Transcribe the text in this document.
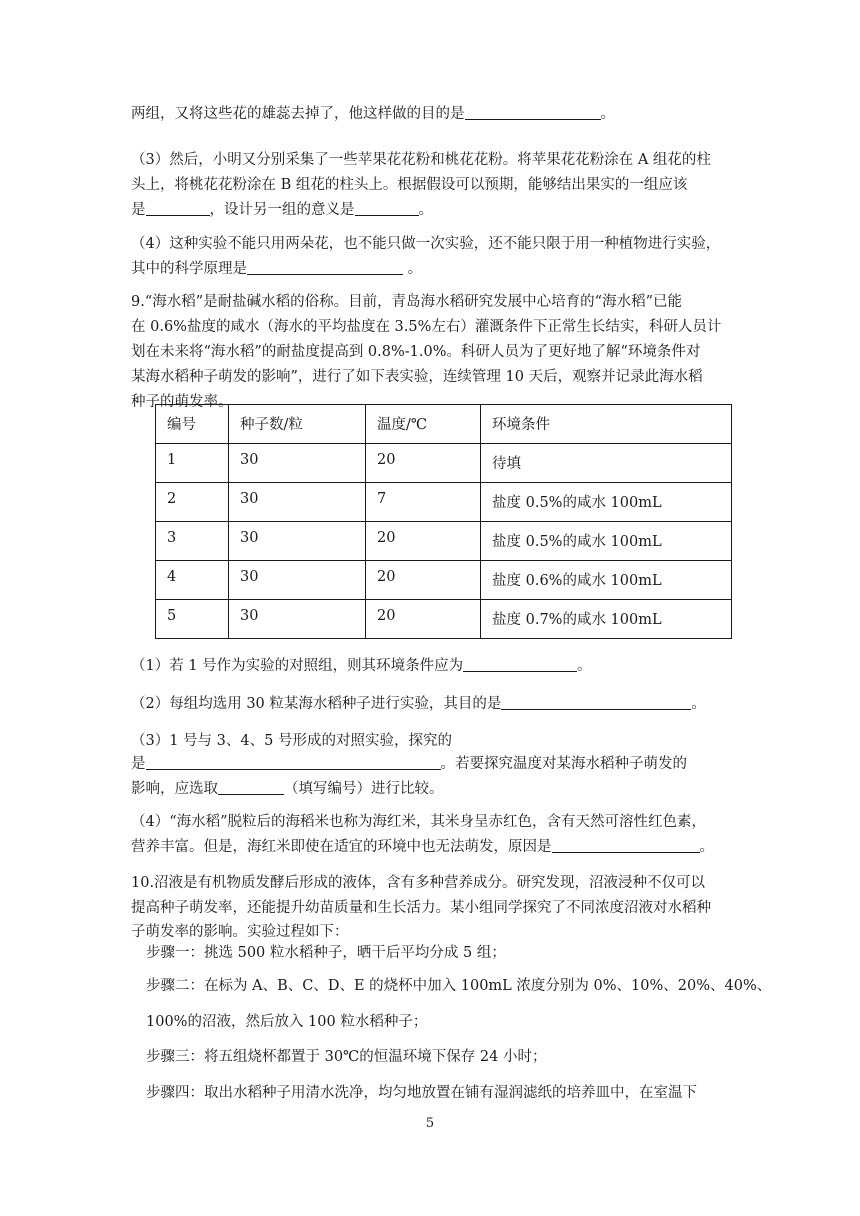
两组，又将这些花的雄蕊去掉了，他这样做的目的是	。
（3）然后，小明又分别采集了一些苹果花花粉和桃花花粉。将苹果花花粉涂在 A 组花的柱
头上，将桃花花粉涂在 B 组花的柱头上。根据假设可以预期，能够结出果实的一组应该
是	，设计另一组的意义是	。
（4）这种实验不能只用两朵花，也不能只做一次实验，还不能只限于用一种植物进行实验，
其中的科学原理是	。
9.“海水稻”是耐盐碱水稻的俗称。目前，青岛海水稻研究发展中心培育的“海水稻”已能
在 0.6%盐度的咸水（海水的平均盐度在 3.5%左右）灌溉条件下正常生长结实，科研人员计
划在未来将“海水稻”的耐盐度提高到 0.8%-1.0%。科研人员为了更好地了解“环境条件对
某海水稻种子萌发的影响”，进行了如下表实验，连续管理 10 天后，观察并记录此海水稻
种子的萌发率。
编号	种子数/粒	温度/℃	环境条件
1	30	20	待填
2	30	7	盐度 0.5%的咸水 100mL
3	30	20	盐度 0.5%的咸水 100mL
4	30	20	盐度 0.6%的咸水 100mL
5	30	20	盐度 0.7%的咸水 100mL
（1）若 1 号作为实验的对照组，则其环境条件应为	。
（2）每组均选用 30 粒某海水稻种子进行实验，其目的是	。
（3）1 号与 3、4、5 号形成的对照实验，探究的
是	。若要探究温度对某海水稻种子萌发的
影响，应选取	（填写编号）进行比较。
（4）“海水稻”脱粒后的海稻米也称为海红米，其米身呈赤红色，含有天然可溶性红色素，
营养丰富。但是，海红米即使在适宜的环境中也无法萌发，原因是	。
10.沼液是有机物质发酵后形成的液体，含有多种营养成分。研究发现，沼液浸种不仅可以
提高种子萌发率，还能提升幼苗质量和生长活力。某小组同学探究了不同浓度沼液对水稻种
子萌发率的影响。实验过程如下：
步骤一：挑选 500 粒水稻种子，晒干后平均分成 5 组；
步骤二：在标为 A、B、C、D、E 的烧杯中加入 100mL 浓度分别为 0%、10%、20%、40%、
100%的沼液，然后放入 100 粒水稻种子；
步骤三：将五组烧杯都置于 30℃的恒温环境下保存 24 小时；
步骤四：取出水稻种子用清水洗净，均匀地放置在铺有湿润滤纸的培养皿中，在室温下
5
